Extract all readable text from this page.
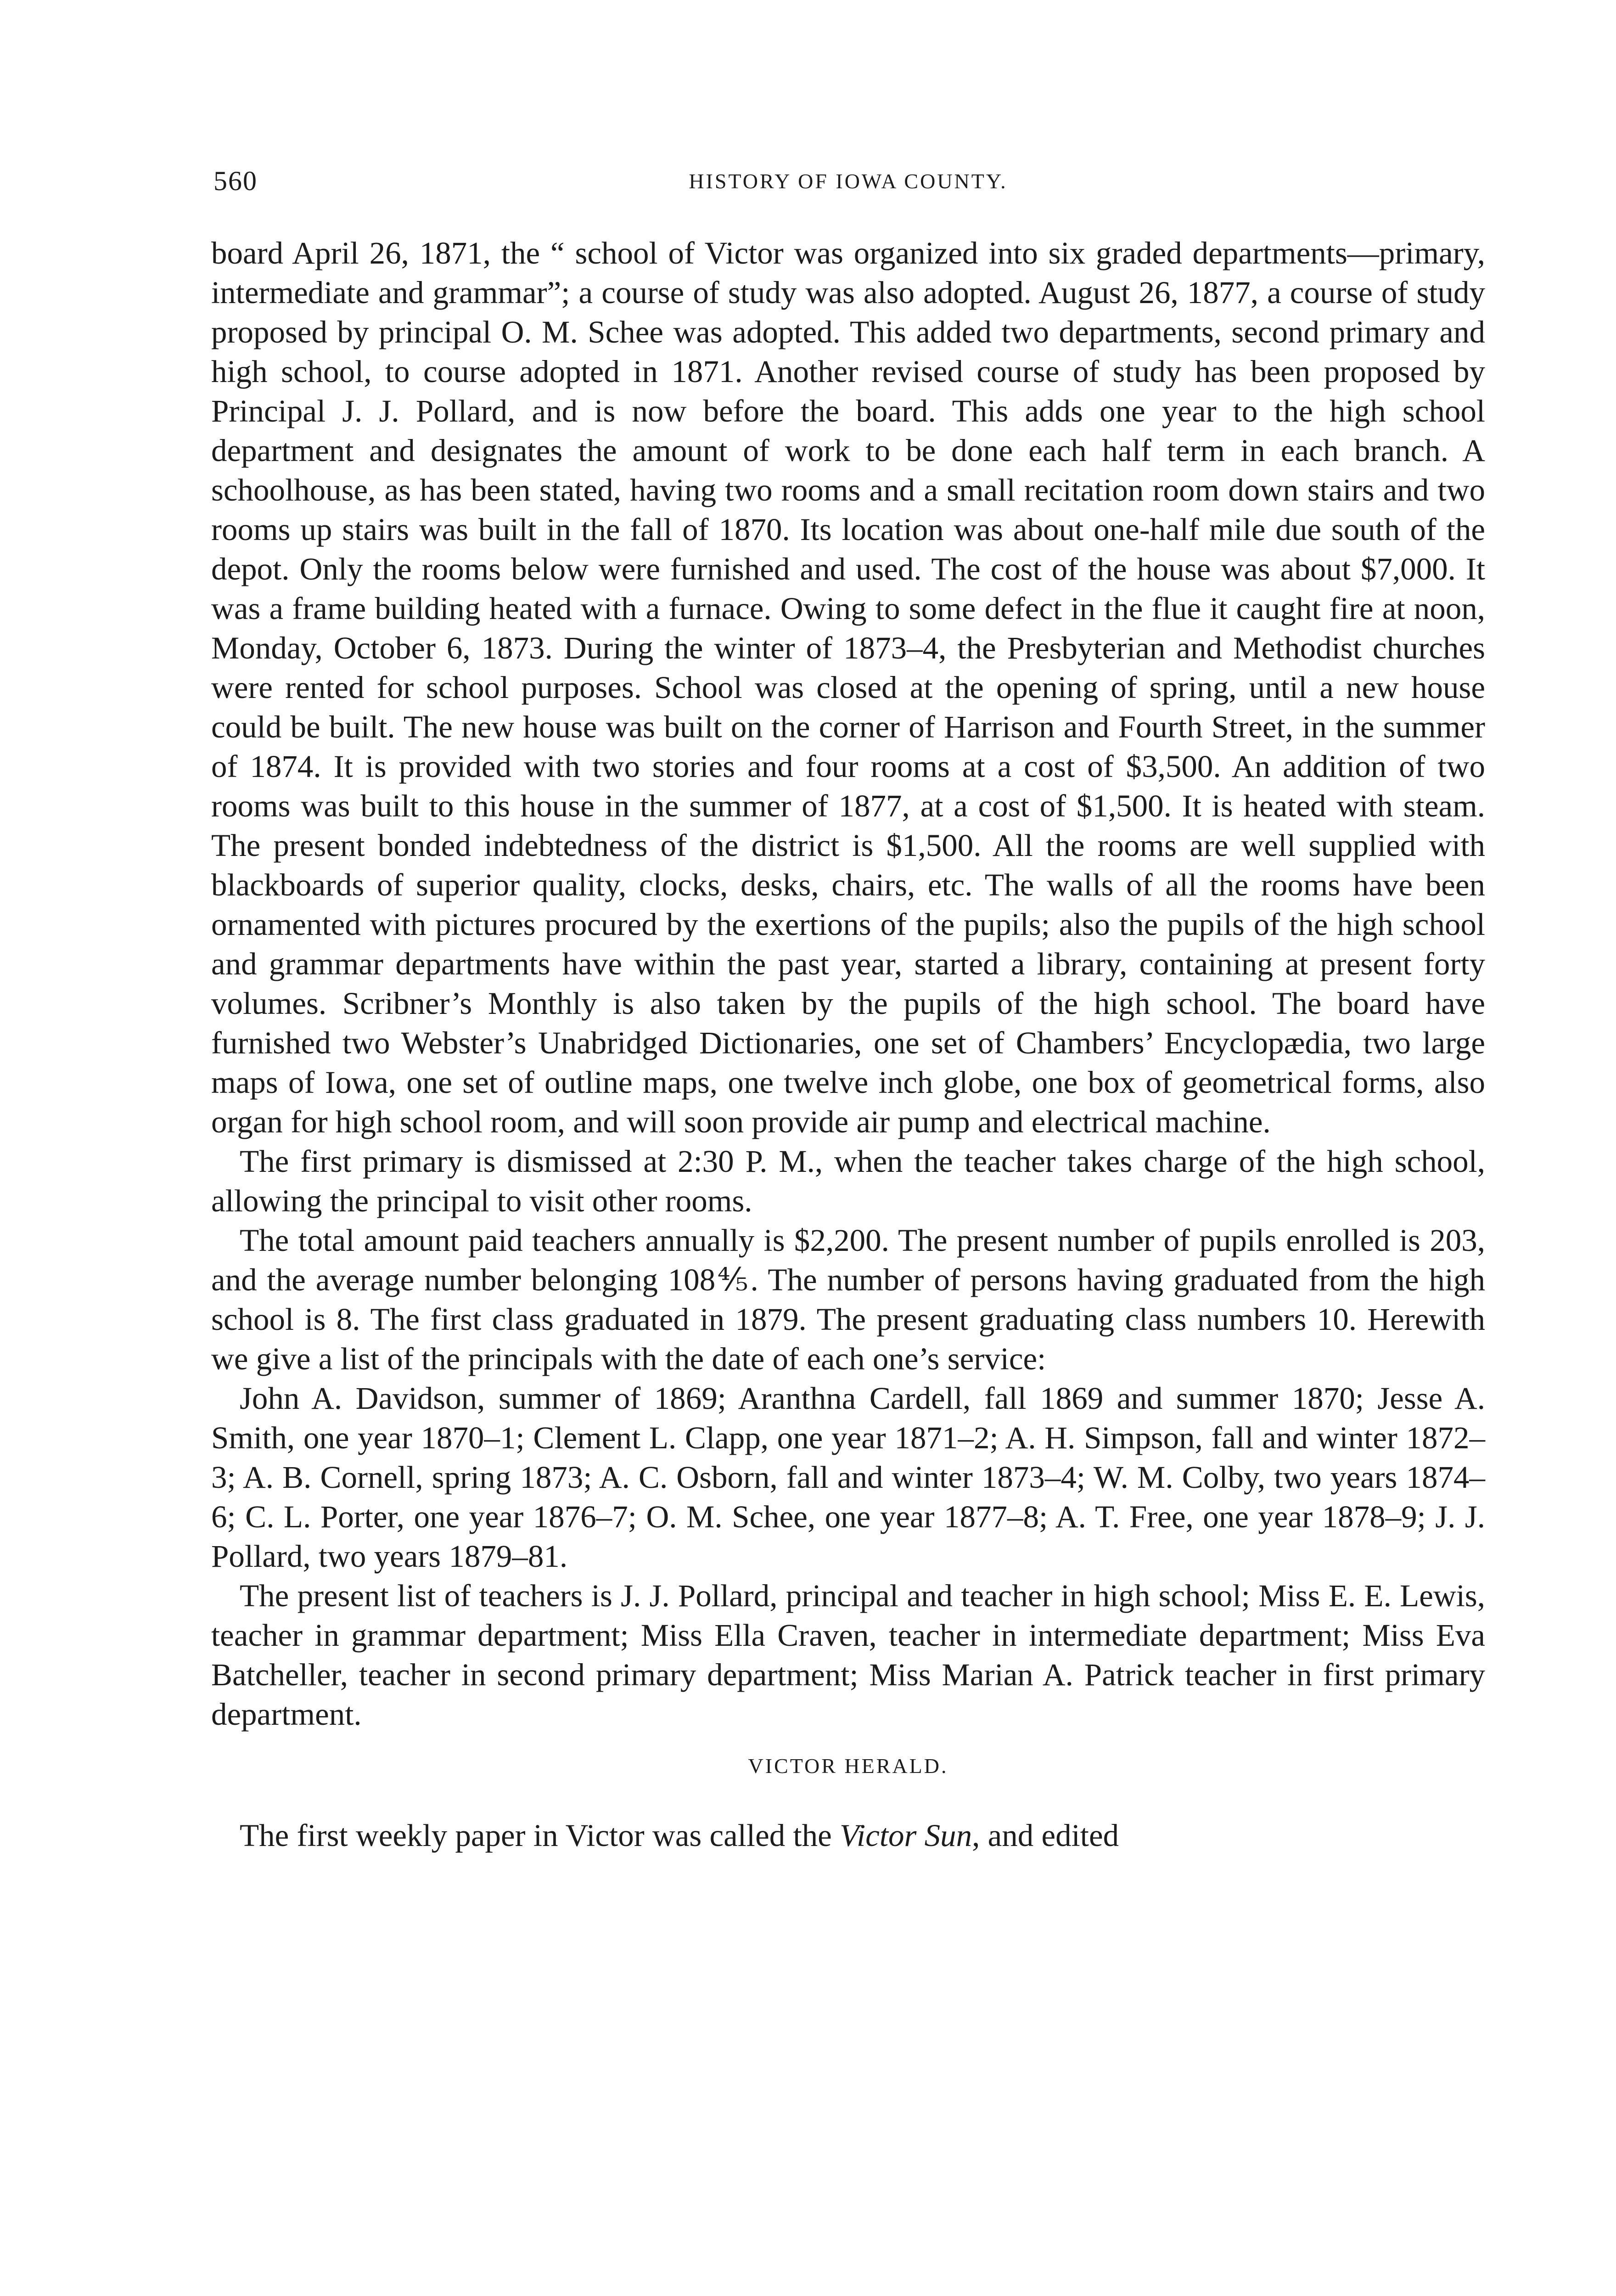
560	HISTORY OF IOWA COUNTY.

board April 26, 1871, the “ school of Victor was organized into six graded departments—primary, intermediate and grammar”; a course of study was also adopted. August 26, 1877, a course of study proposed by principal O. M. Schee was adopted. This added two departments, second primary and high school, to course adopted in 1871. Another revised course of study has been proposed by Principal J. J. Pollard, and is now before the board. This adds one year to the high school department and designates the amount of work to be done each half term in each branch. A schoolhouse, as has been stated, having two rooms and a small recitation room down stairs and two rooms up stairs was built in the fall of 1870. Its location was about one-half mile due south of the depot. Only the rooms below were furnished and used. The cost of the house was about $7,000. It was a frame building heated with a furnace. Owing to some defect in the flue it caught fire at noon, Monday, October 6, 1873. During the winter of 1873–4, the Presbyterian and Methodist churches were rented for school purposes. School was closed at the opening of spring, until a new house could be built. The new house was built on the corner of Harrison and Fourth Street, in the summer of 1874. It is provided with two stories and four rooms at a cost of $3,500. An addition of two rooms was built to this house in the summer of 1877, at a cost of $1,500. It is heated with steam. The present bonded indebtedness of the district is $1,500. All the rooms are well supplied with blackboards of superior quality, clocks, desks, chairs, etc. The walls of all the rooms have been ornamented with pictures procured by the exertions of the pupils; also the pupils of the high school and grammar departments have within the past year, started a library, containing at present forty volumes. Scribner’s Monthly is also taken by the pupils of the high school. The board have furnished two Webster’s Unabridged Dictionaries, one set of Chambers’ Encyclopædia, two large maps of Iowa, one set of outline maps, one twelve inch globe, one box of geometrical forms, also organ for high school room, and will soon provide air pump and electrical machine.

The first primary is dismissed at 2:30 P. M., when the teacher takes charge of the high school, allowing the principal to visit other rooms.

The total amount paid teachers annually is $2,200. The present number of pupils enrolled is 203, and the average number belonging 108⅘. The number of persons having graduated from the high school is 8. The first class graduated in 1879. The present graduating class numbers 10. Herewith we give a list of the principals with the date of each one’s service:

John A. Davidson, summer of 1869; Aranthna Cardell, fall 1869 and summer 1870; Jesse A. Smith, one year 1870–1; Clement L. Clapp, one year 1871–2; A. H. Simpson, fall and winter 1872–3; A. B. Cornell, spring 1873; A. C. Osborn, fall and winter 1873–4; W. M. Colby, two years 1874–6; C. L. Porter, one year 1876–7; O. M. Schee, one year 1877–8; A. T. Free, one year 1878–9; J. J. Pollard, two years 1879–81.

The present list of teachers is J. J. Pollard, principal and teacher in high school; Miss E. E. Lewis, teacher in grammar department; Miss Ella Craven, teacher in intermediate department; Miss Eva Batcheller, teacher in second primary department; Miss Marian A. Patrick teacher in first primary department.

VICTOR HERALD.

The first weekly paper in Victor was called the Victor Sun, and edited
